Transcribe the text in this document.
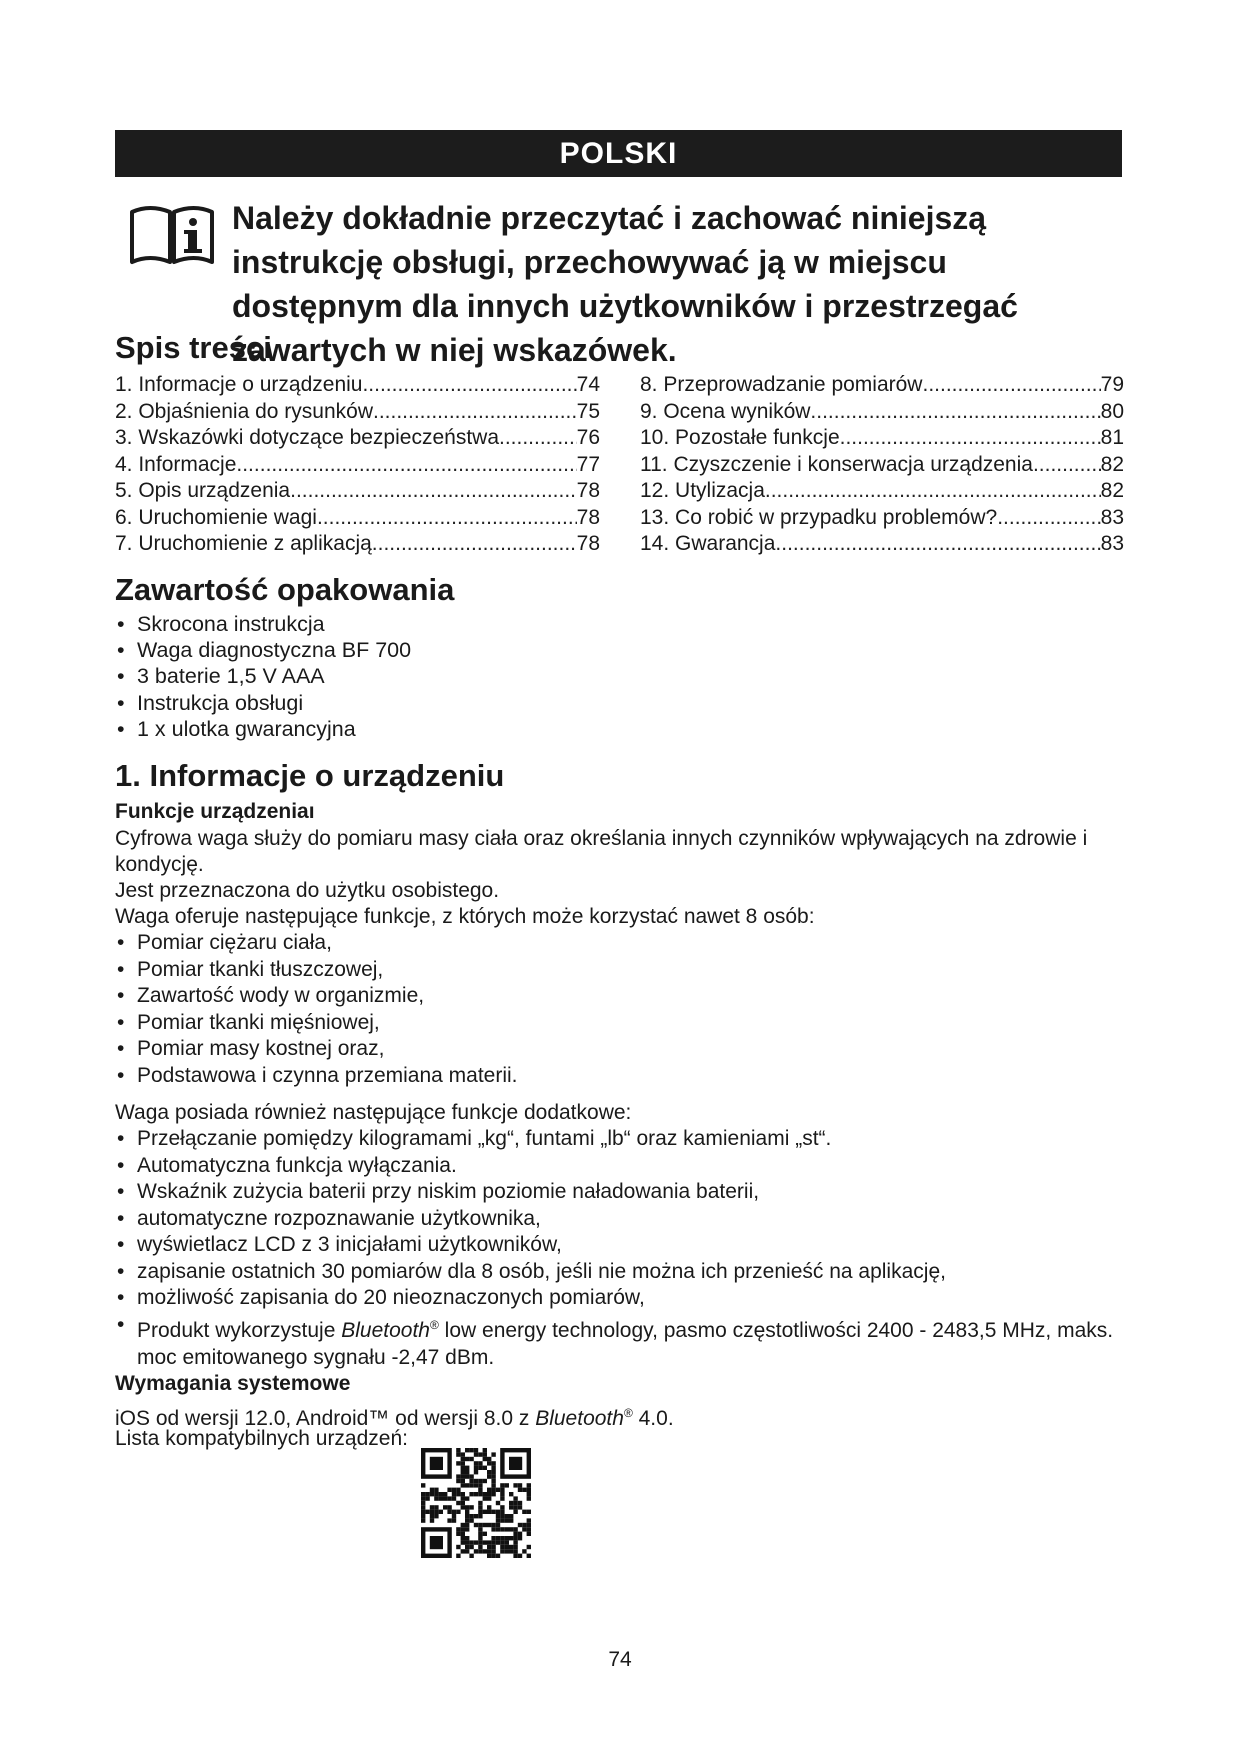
POLSKI
Należy dokładnie przeczytać i zachować niniejszą instrukcję obsługi, przechowywać ją w miejscu dostępnym dla innych użytkowników i przestrzegać zawartych w niej wskazówek.
Spis treści
1. Informacje o urządzeniu .....	74
2. Objaśnienia do rysunków .....	75
3. Wskazówki dotyczące bezpieczeństwa .....	76
4. Informacje .....	77
5. Opis urządzenia .....	78
6. Uruchomienie wagi .....	78
7. Uruchomienie z aplikacją .....	78
8. Przeprowadzanie pomiarów .....	79
9. Ocena wyników .....	80
10. Pozostałe funkcje .....	81
11. Czyszczenie i konserwacja urządzenia .....	82
12. Utylizacja .....	82
13. Co robić w przypadku problemów? .....	83
14. Gwarancja .....	83
Zawartość opakowania
• Skrocona instrukcja
• Waga diagnostyczna BF 700
• 3 baterie 1,5 V AAA
• Instrukcja obsługi
• 1 x ulotka gwarancyjna
1. Informacje o urządzeniu
Funkcje urządzeniaı
Cyfrowa waga służy do pomiaru masy ciała oraz określania innych czynników wpływających na zdrowie i kondycję.
Jest przeznaczona do użytku osobistego.
Waga oferuje następujące funkcje, z których może korzystać nawet 8 osób:
• Pomiar ciężaru ciała,
• Pomiar tkanki tłuszczowej,
• Zawartość wody w organizmie,
• Pomiar tkanki mięśniowej,
• Pomiar masy kostnej oraz,
• Podstawowa i czynna przemiana materii.
Waga posiada również następujące funkcje dodatkowe:
• Przełączanie pomiędzy kilogramami „kg“, funtami „lb“ oraz kamieniami „st“.
• Automatyczna funkcja wyłączania.
• Wskaźnik zużycia baterii przy niskim poziomie naładowania baterii,
• automatyczne rozpoznawanie użytkownika,
• wyświetlacz LCD z 3 inicjałami użytkowników,
• zapisanie ostatnich 30 pomiarów dla 8 osób, jeśli nie można ich przenieść na aplikację,
• możliwość zapisania do 20 nieoznaczonych pomiarów,
• Produkt wykorzystuje Bluetooth® low energy technology, pasmo częstotliwości 2400 - 2483,5 MHz, maks. moc emitowanego sygnału -2,47 dBm.
Wymagania systemowe
iOS od wersji 12.0, Android™ od wersji 8.0 z Bluetooth® 4.0.
Lista kompatybilnych urządzeń:
74
